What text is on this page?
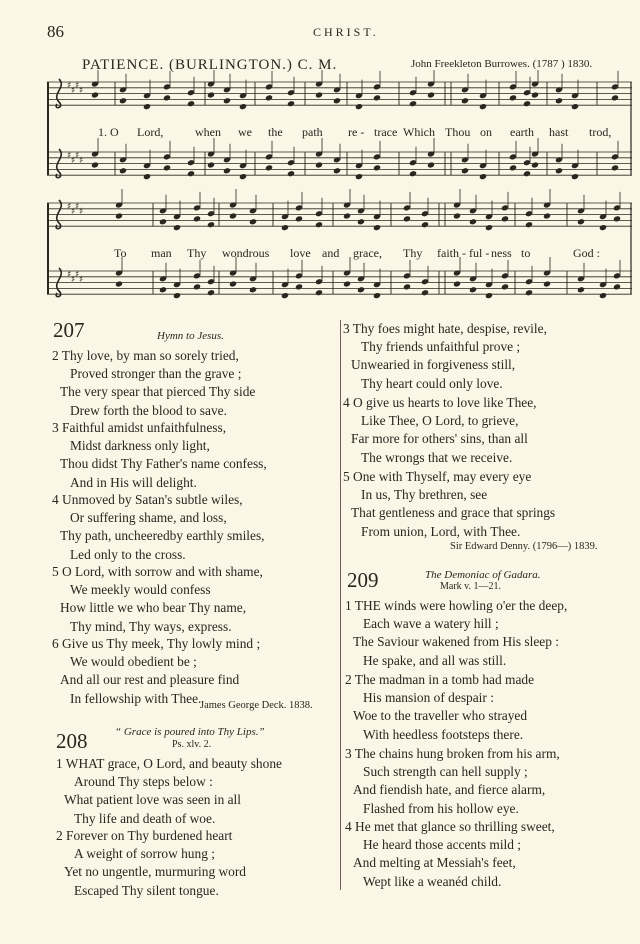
86	CHRIST.
PATIENCE. (BURLINGTON.) C. M.	John Freekleton Burrowes. (1787 ) 1830.
♯ ♯ ♯ ♯
♯ ♯ ♯ ♯
♯ ♯ ♯ ♯
♯ ♯ ♯ ♯
1. O Lord,	when we the path re - trace Which Thou on earth hast trod,
To man Thy wondrous love and grace, Thy faith - ful - ness to	God :
207	Hymn to Jesus.
2 Thy love, by man so sorely tried,
Proved stronger than the grave ;
The very spear that pierced Thy side
Drew forth the blood to save.
3 Faithful amidst unfaithfulness,
Midst darkness only light,
Thou didst Thy Father's name confess,
And in His will delight.
4 Unmoved by Satan's subtle wiles,
Or suffering shame, and loss,
Thy path, uncheeredby earthly smiles,
Led only to the cross.
5 O Lord, with sorrow and with shame,
We meekly would confess
How little we who bear Thy name,
Thy mind, Thy ways, express.
6 Give us Thy meek, Thy lowly mind ;
We would obedient be ;
And all our rest and pleasure find
In fellowship with Thee.
James George Deck. 1838.
208	“ Grace is poured into Thy Lips.”
Ps. xlv. 2.
1 WHAT grace, O Lord, and beauty shone
Around Thy steps below :
What patient love was seen in all
Thy life and death of woe.
2 Forever on Thy burdened heart
A weight of sorrow hung ;
Yet no ungentle, murmuring word
Escaped Thy silent tongue.
3 Thy foes might hate, despise, revile,
Thy friends unfaithful prove ;
Unwearied in forgiveness still,
Thy heart could only love.
4 O give us hearts to love like Thee,
Like Thee, O Lord, to grieve,
Far more for others' sins, than all
The wrongs that we receive.
5 One with Thyself, may every eye
In us, Thy brethren, see
That gentleness and grace that springs
From union, Lord, with Thee.
Sir Edward Denny. (1796—) 1839.
209	The Demoniac of Gadara.
Mark v. 1—21.
1 THE winds were howling o'er the deep,
Each wave a watery hill ;
The Saviour wakened from His sleep :
He spake, and all was still.
2 The madman in a tomb had made
His mansion of despair :
Woe to the traveller who strayed
With heedless footsteps there.
3 The chains hung broken from his arm,
Such strength can hell supply ;
And fiendish hate, and fierce alarm,
Flashed from his hollow eye.
4 He met that glance so thrilling sweet,
He heard those accents mild ;
And melting at Messiah's feet,
Wept like a weanéd child.
